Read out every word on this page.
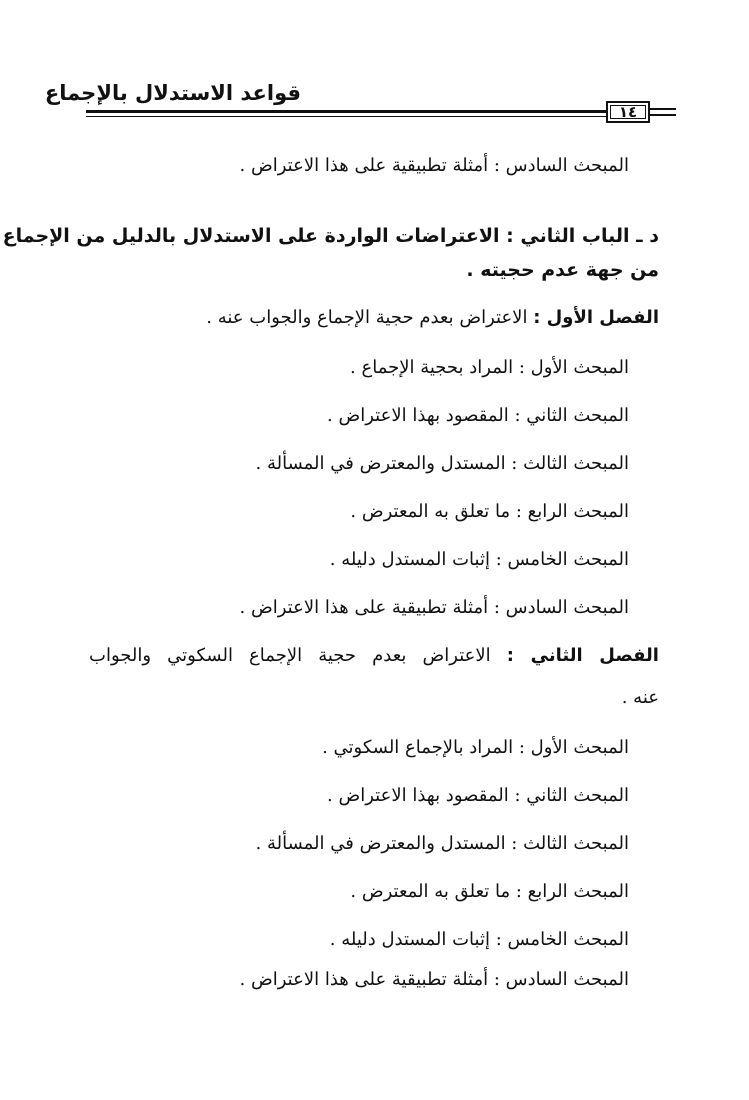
قواعد الاستدلال بالإجماع
١٤
المبحث السادس : أمثلة تطبيقية على هذا الاعتراض .
د ـ الباب الثاني : الاعتراضات الواردة على الاستدلال بالدليل من الإجماع
من جهة عدم حجيته .
الفصل الأول : الاعتراض بعدم حجية الإجماع والجواب عنه .
المبحث الأول : المراد بحجية الإجماع .
المبحث الثاني : المقصود بهذا الاعتراض .
المبحث الثالث : المستدل والمعترض في المسألة .
المبحث الرابع : ما تعلق به المعترض .
المبحث الخامس : إثبات المستدل دليله .
المبحث السادس : أمثلة تطبيقية على هذا الاعتراض .
الفصل الثاني : الاعتراض بعدم حجية الإجماع السكوتي والجواب
عنه .
المبحث الأول : المراد بالإجماع السكوتي .
المبحث الثاني : المقصود بهذا الاعتراض .
المبحث الثالث : المستدل والمعترض في المسألة .
المبحث الرابع : ما تعلق به المعترض .
المبحث الخامس : إثبات المستدل دليله .
المبحث السادس : أمثلة تطبيقية على هذا الاعتراض .
